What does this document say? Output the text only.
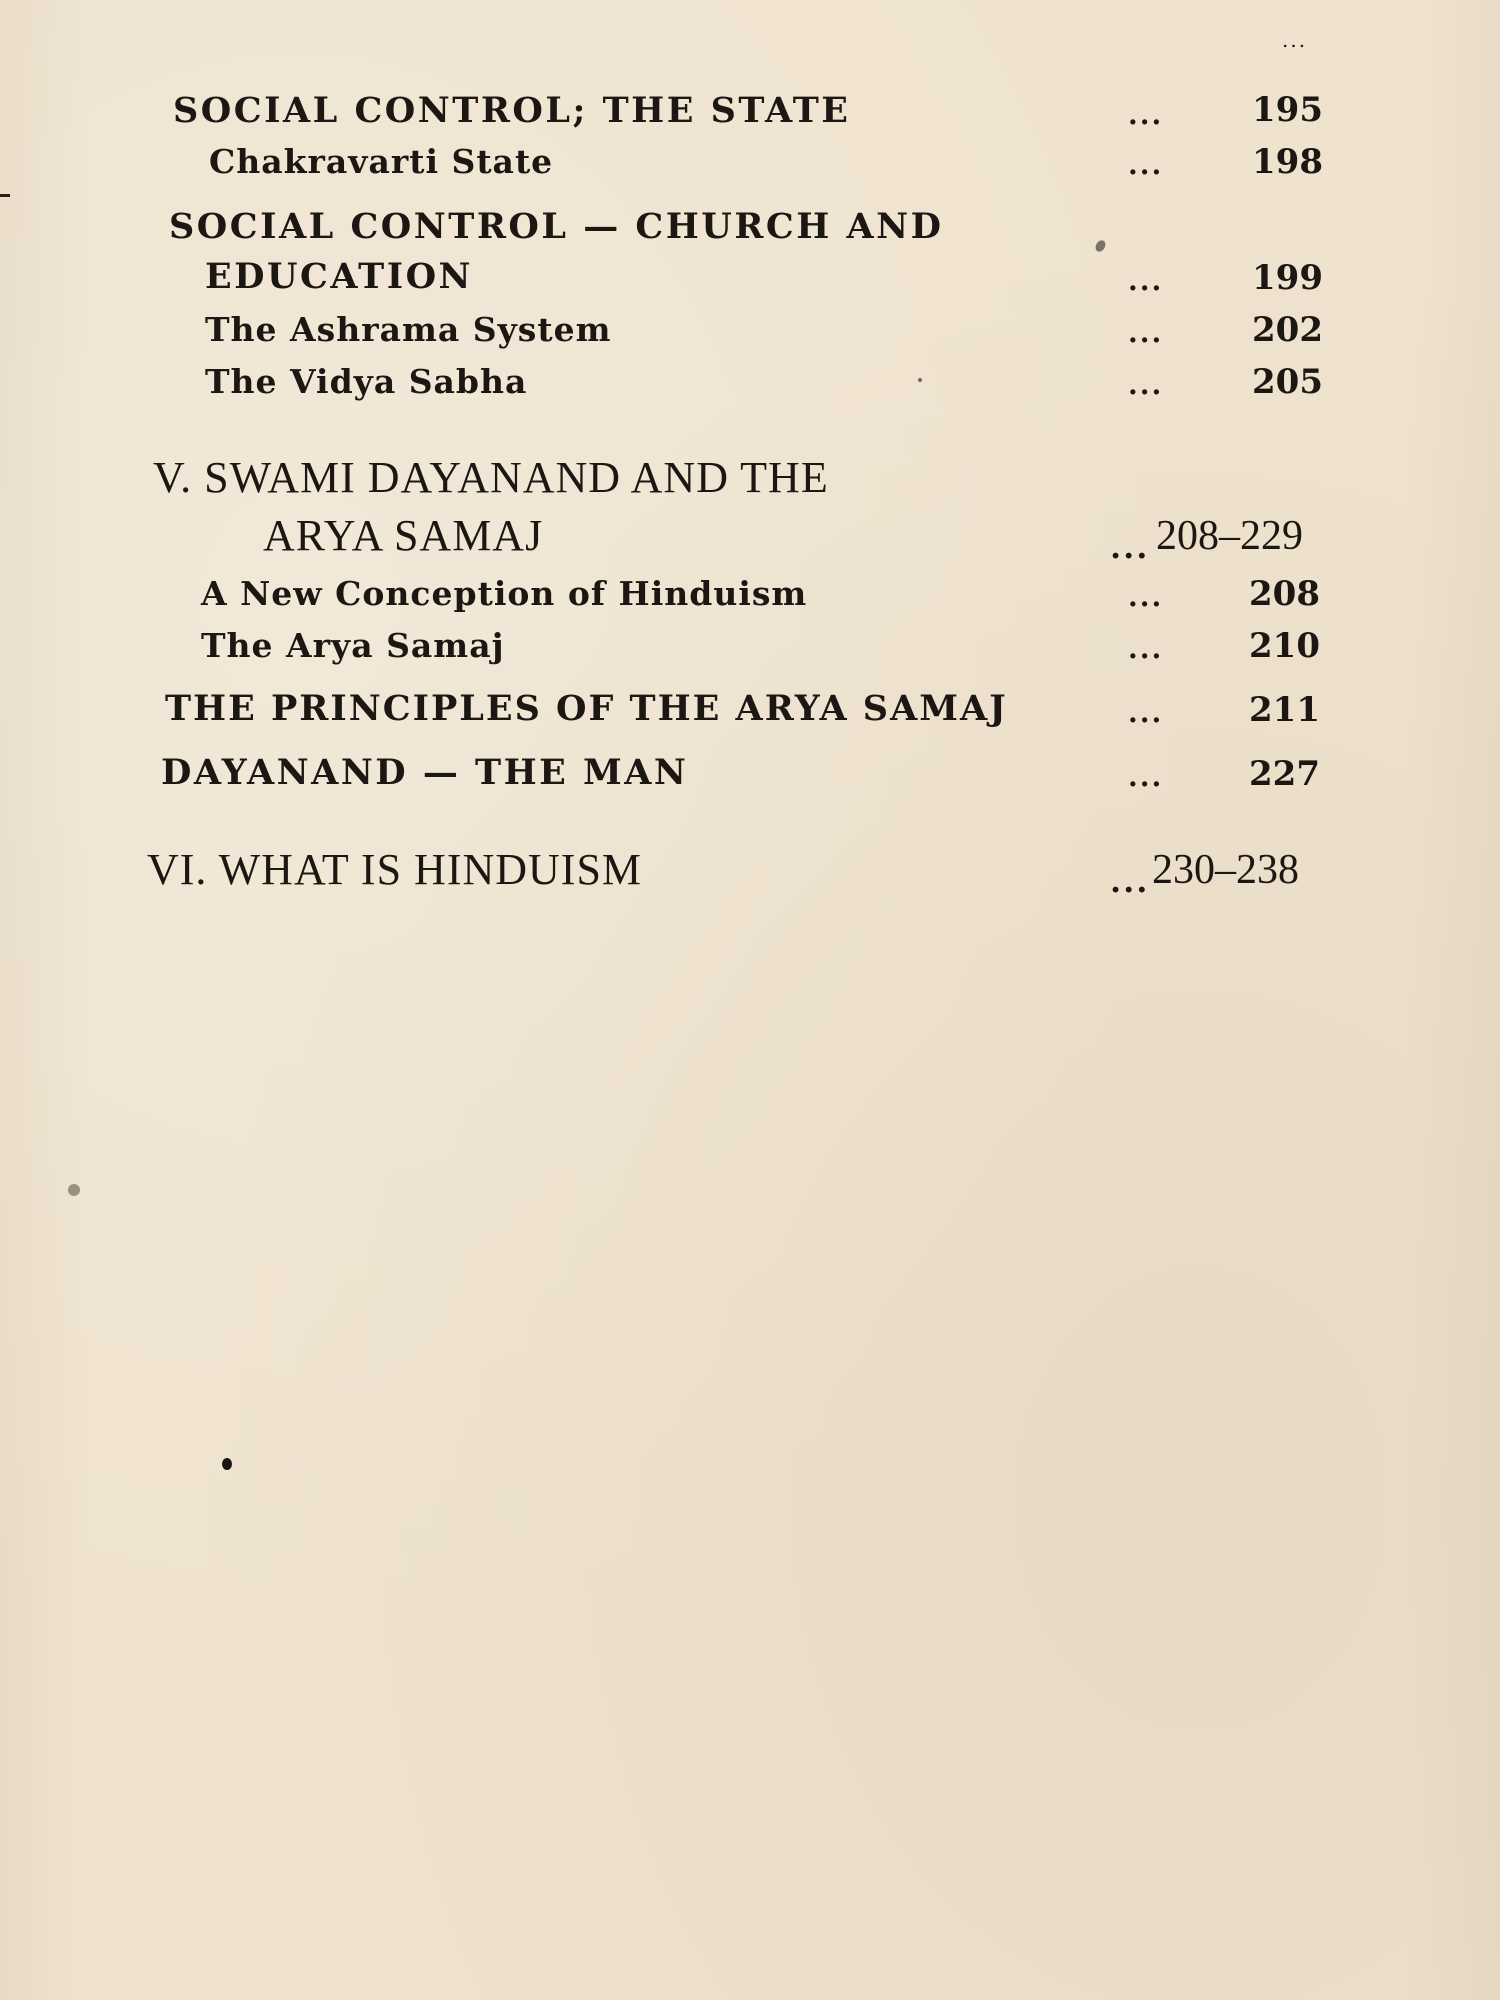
...
SOCIAL CONTROL; THE STATE	...	195
Chakravarti State	...	198
SOCIAL CONTROL — CHURCH AND
EDUCATION	...	199
The Ashrama System	...	202
The Vidya Sabha	...	205
V. SWAMI DAYANAND AND THE
ARYA SAMAJ	... 208–229
A New Conception of Hinduism	...	208
The Arya Samaj	...	210
THE PRINCIPLES OF THE ARYA SAMAJ	...	211
DAYANAND — THE MAN	...	227
VI. WHAT IS HINDUISM	... 230–238
